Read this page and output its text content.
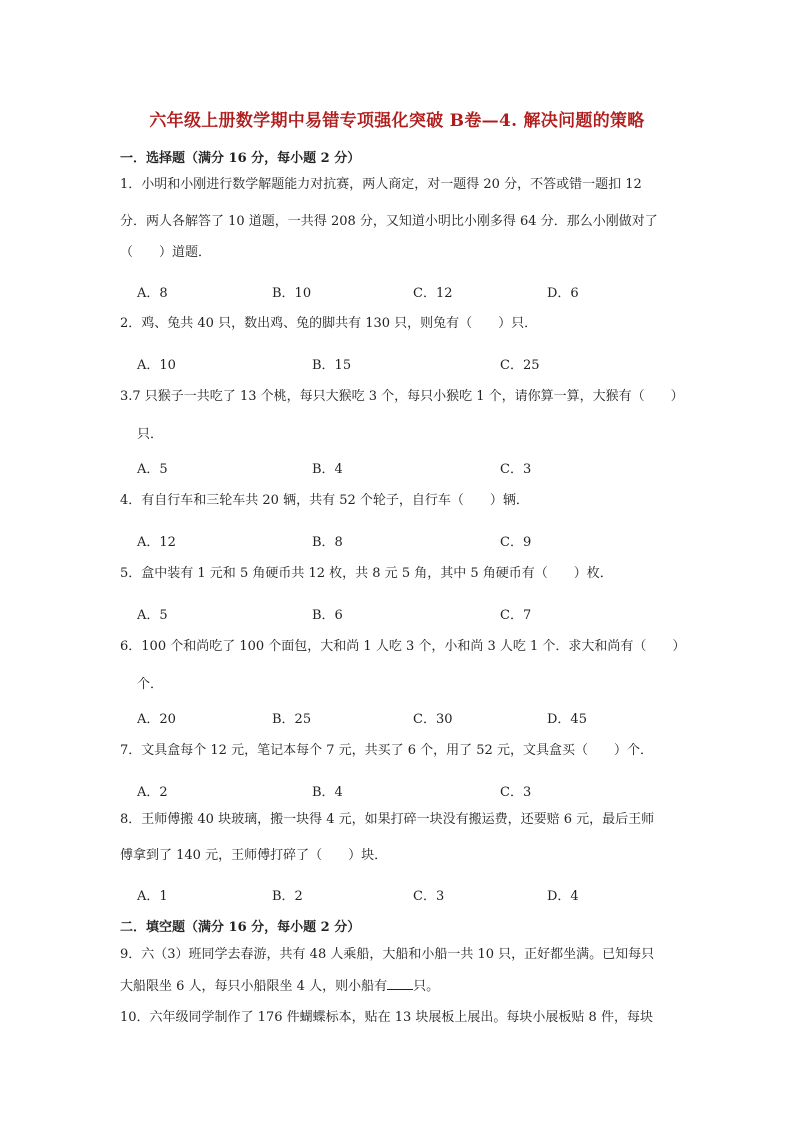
六年级上册数学期中易错专项强化突破 B卷—4. 解决问题的策略
一．选择题（满分 16 分，每小题 2 分）
1．小明和小刚进行数学解题能力对抗赛，两人商定，对一题得 20 分，不答或错一题扣 12
分．两人各解答了 10 道题，一共得 208 分，又知道小明比小刚多得 64 分．那么小刚做对了
（　　）道题．
A．8	B．10	C．12	D．6
2．鸡、兔共 40 只，数出鸡、兔的脚共有 130 只，则兔有（　　）只．
A．10	B．15	C．25
3.7 只猴子一共吃了 13 个桃，每只大猴吃 3 个，每只小猴吃 1 个，请你算一算，大猴有（　　）
只．
A．5	B．4	C．3
4．有自行车和三轮车共 20 辆，共有 52 个轮子，自行车（　　）辆．
A．12	B．8	C．9
5．盒中装有 1 元和 5 角硬币共 12 枚，共 8 元 5 角，其中 5 角硬币有（　　）枚．
A．5	B．6	C．7
6．100 个和尚吃了 100 个面包，大和尚 1 人吃 3 个，小和尚 3 人吃 1 个．求大和尚有（　　）
个．
A．20	B．25	C．30	D．45
7．文具盒每个 12 元，笔记本每个 7 元，共买了 6 个，用了 52 元，文具盒买（　　）个．
A．2	B．4	C．3
8．王师傅搬 40 块玻璃，搬一块得 4 元，如果打碎一块没有搬运费，还要赔 6 元，最后王师
傅拿到了 140 元，王师傅打碎了（　　）块．
A．1	B．2	C．3	D．4
二．填空题（满分 16 分，每小题 2 分）
9．六（3）班同学去春游，共有 48 人乘船，大船和小船一共 10 只，正好都坐满。已知每只
大船限坐 6 人，每只小船限坐 4 人，则小船有 只。
10．六年级同学制作了 176 件蝴蝶标本，贴在 13 块展板上展出。每块小展板贴 8 件，每块
